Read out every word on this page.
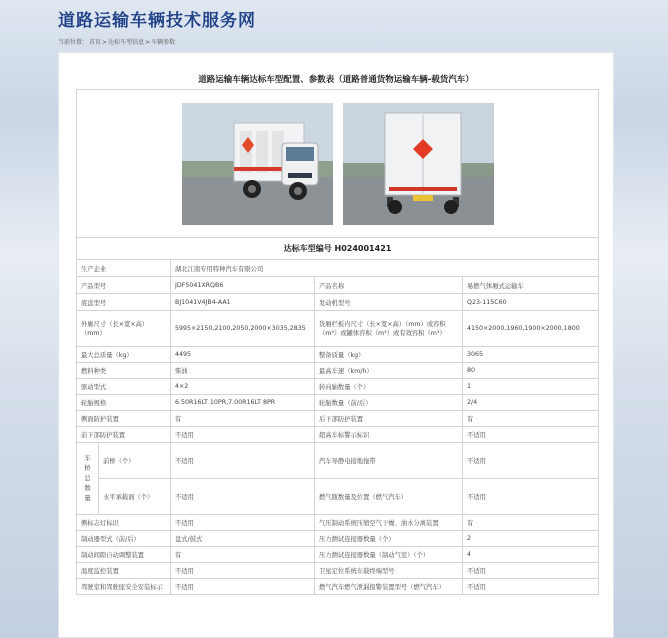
道路运输车辆技术服务网
当前位置：首页>达标车型信息>车辆参数
道路运输车辆达标车型配置、参数表（道路普通货物运输车辆-载货汽车）

达标车型编号 H024001421				
生产企业		湖北江南专用特种汽车有限公司		
产品型号		JDF5041XRQB6	产品名称	易燃气体厢式运输车
底盘型号		BJ1041V4JB4-AA1	发动机型号	Q23-115C60
外廓尺寸（长×宽×高）（mm）		5995×2150,2100,2050,2000×3035,2835	货厢栏板内尺寸（长×宽×高）（mm）或容积（m³）或罐体容积（m³）或有效容积（m³）	4150×2000,1960,1900×2000,1800
最大总质量（kg）		4495	整备质量（kg）	3065
燃料种类		柴油	最高车速（km/h）	80
驱动型式		4×2	转向轴数量（个）	1
轮胎规格		6.50R16LT 10PR,7.00R16LT 8PR	轮胎数量（前/后）	2/4
侧面防护装置		有	后下部防护装置	有
前下部防护装置		不适用	超高车标警示标识	不适用

车
桥
总
数
量	前桥（个）	不适用	汽车导静电接地拖带	不适用
	水平承载面（个）	不适用	燃气瓶数量及位置（燃气汽车）	不适用
侧标志灯标识		不适用	气压制动系统压缩空气干燥、油水分离装置	有
制动器型式（前/后）		盘式/鼓式	压力测试连接器数量（个）	2
制动间隙自动调整装置		有	压力测试连接器数量（制动气室）（个）	4
温度监控装置		不适用	卫星定位系统车载终端型号	不适用
驾驶室和驾驶座安全安装标示		不适用	燃气汽车燃气泄漏报警装置型号（燃气汽车）	不适用
